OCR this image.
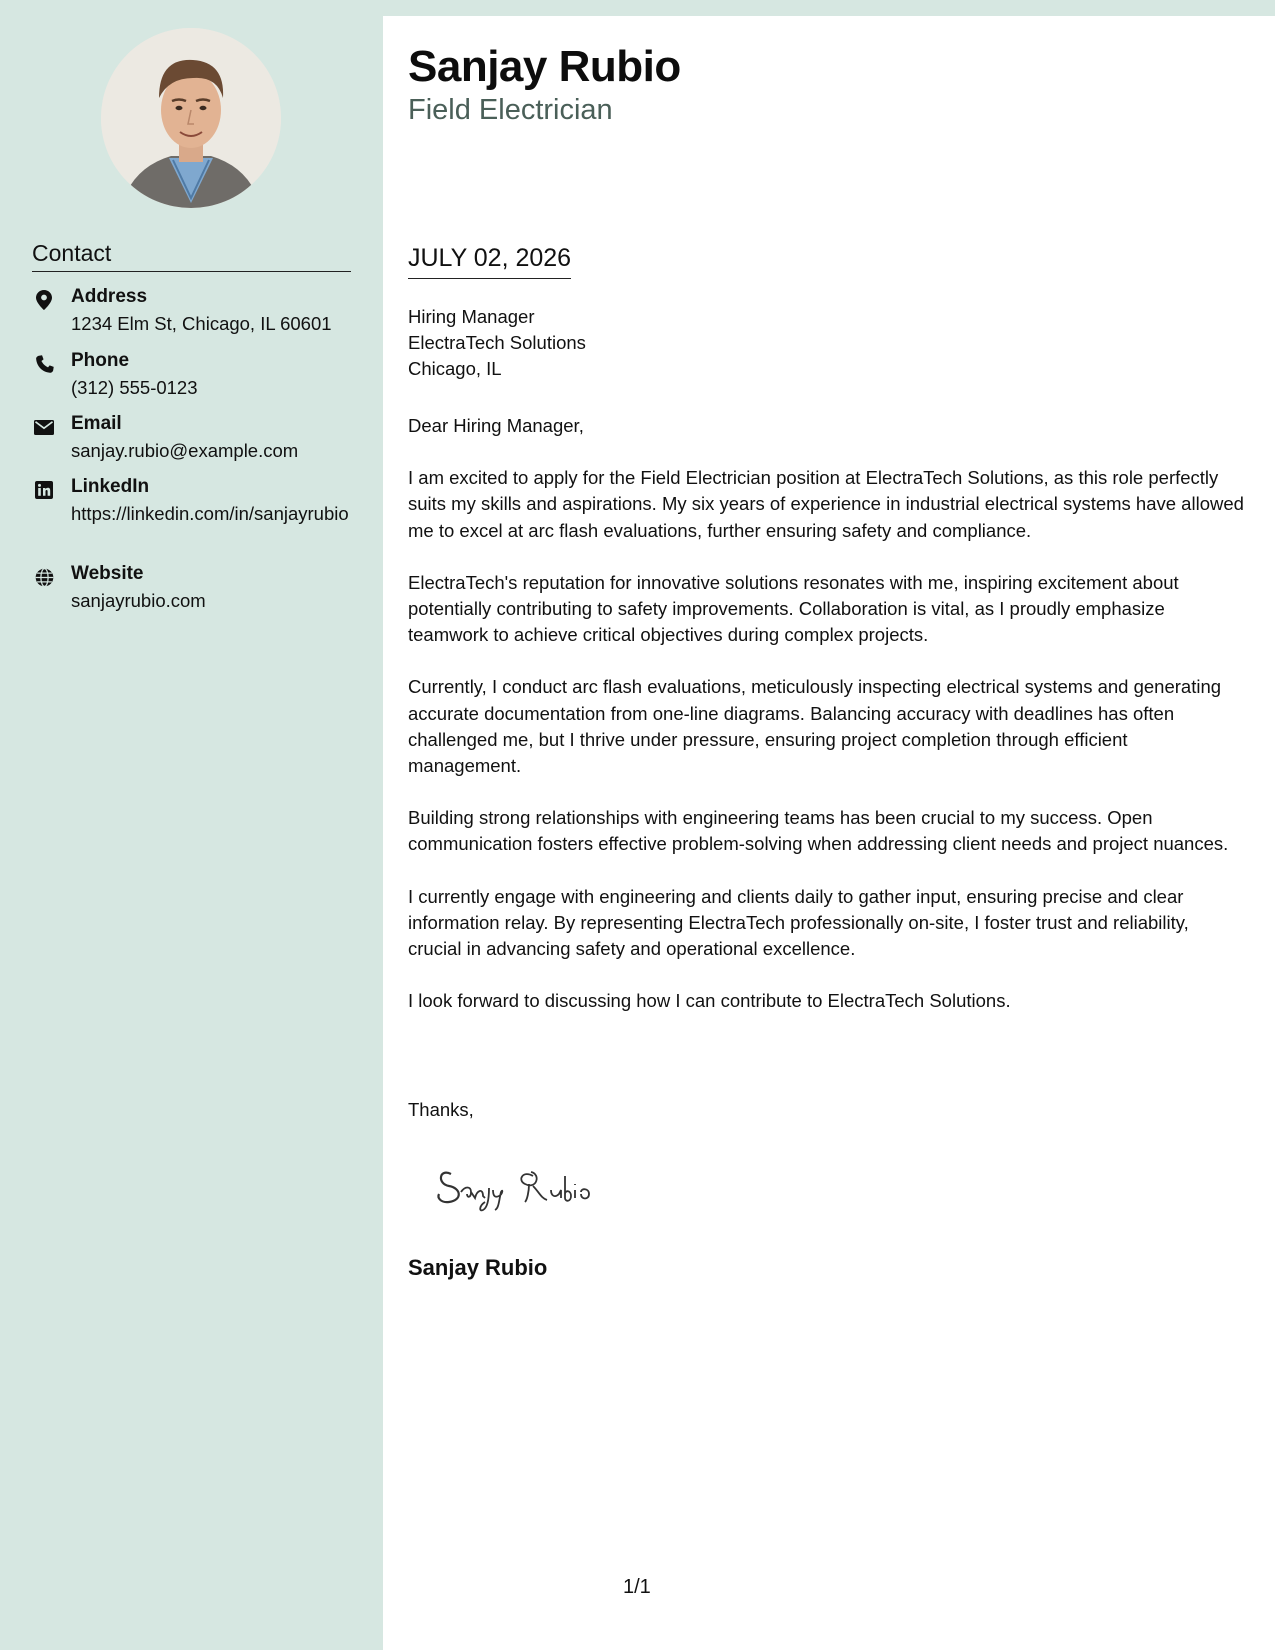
Contact
Address
1234 Elm St, Chicago, IL 60601
Phone
(312) 555-0123
Email
sanjay.rubio@example.com
LinkedIn
https://linkedin.com/in/sanjayrubio
Website
sanjayrubio.com
Sanjay Rubio
Field Electrician
JULY 02, 2026
Hiring Manager
ElectraTech Solutions
Chicago, IL

Dear Hiring Manager,

I am excited to apply for the Field Electrician position at ElectraTech Solutions, as this role perfectly suits my skills and aspirations. My six years of experience in industrial electrical systems have allowed me to excel at arc flash evaluations, further ensuring safety and compliance.

ElectraTech's reputation for innovative solutions resonates with me, inspiring excitement about potentially contributing to safety improvements. Collaboration is vital, as I proudly emphasize teamwork to achieve critical objectives during complex projects.

Currently, I conduct arc flash evaluations, meticulously inspecting electrical systems and generating accurate documentation from one-line diagrams. Balancing accuracy with deadlines has often challenged me, but I thrive under pressure, ensuring project completion through efficient management.

Building strong relationships with engineering teams has been crucial to my success. Open communication fosters effective problem-solving when addressing client needs and project nuances.

I currently engage with engineering and clients daily to gather input, ensuring precise and clear information relay. By representing ElectraTech professionally on-site, I foster trust and reliability, crucial in advancing safety and operational excellence.

I look forward to discussing how I can contribute to ElectraTech Solutions.

Thanks,
Sanjay Rubio
1/1
